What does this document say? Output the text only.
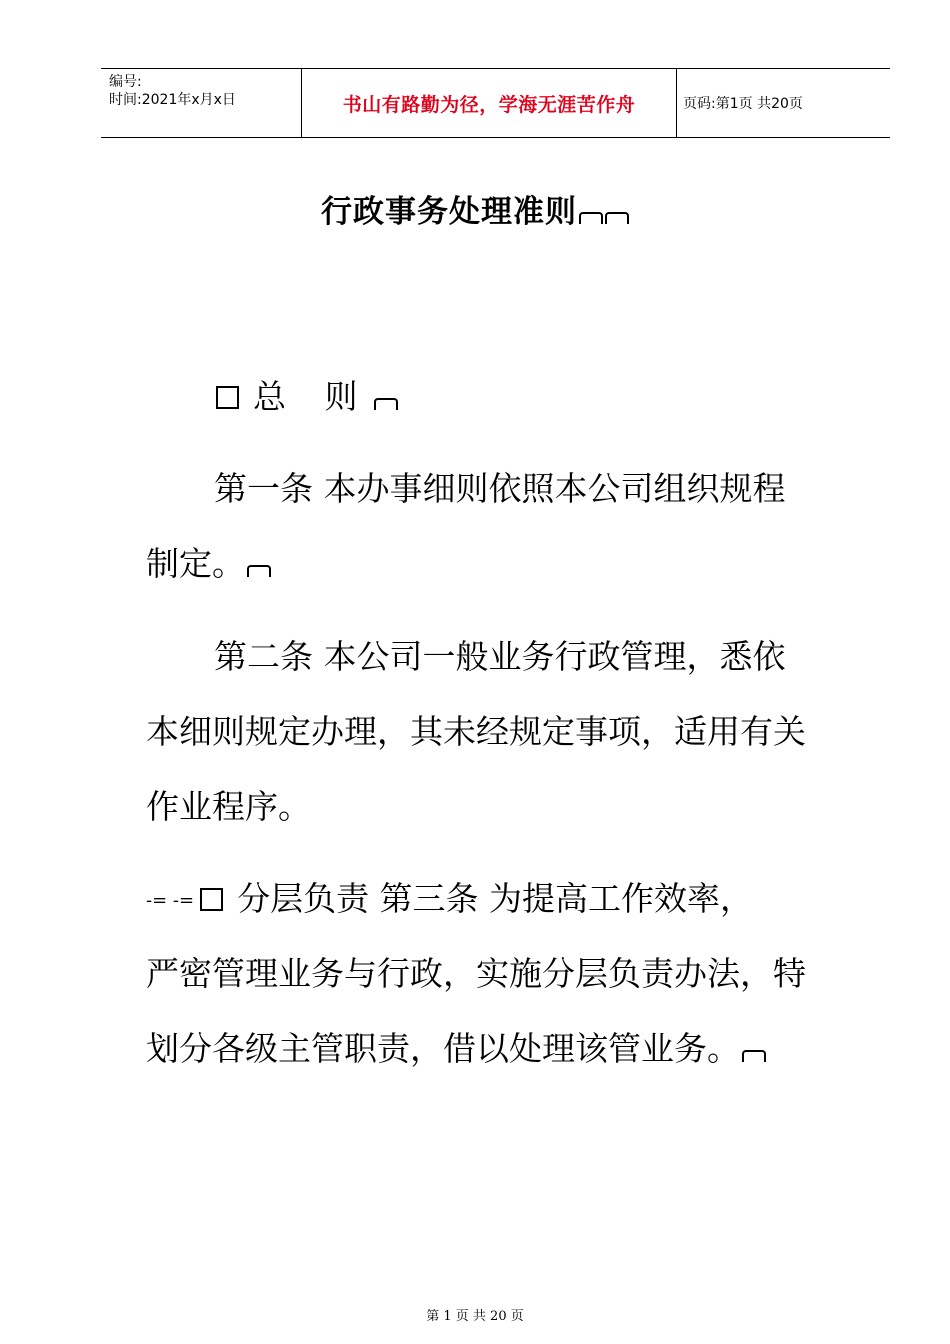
编号:
时间:2021年x月x日	书山有路勤为径，学海无涯苦作舟	页码:第1页 共20页
行政事务处理准则
总 则
第一条 本办事细则依照本公司组织规程
制定。
第二条 本公司一般业务行政管理，悉依
本细则规定办理，其未经规定事项，适用有关
作业程序。
-= -= 分层负责 第三条 为提高工作效率，
严密管理业务与行政，实施分层负责办法，特
划分各级主管职责，借以处理该管业务。
第 1 页 共 20 页
